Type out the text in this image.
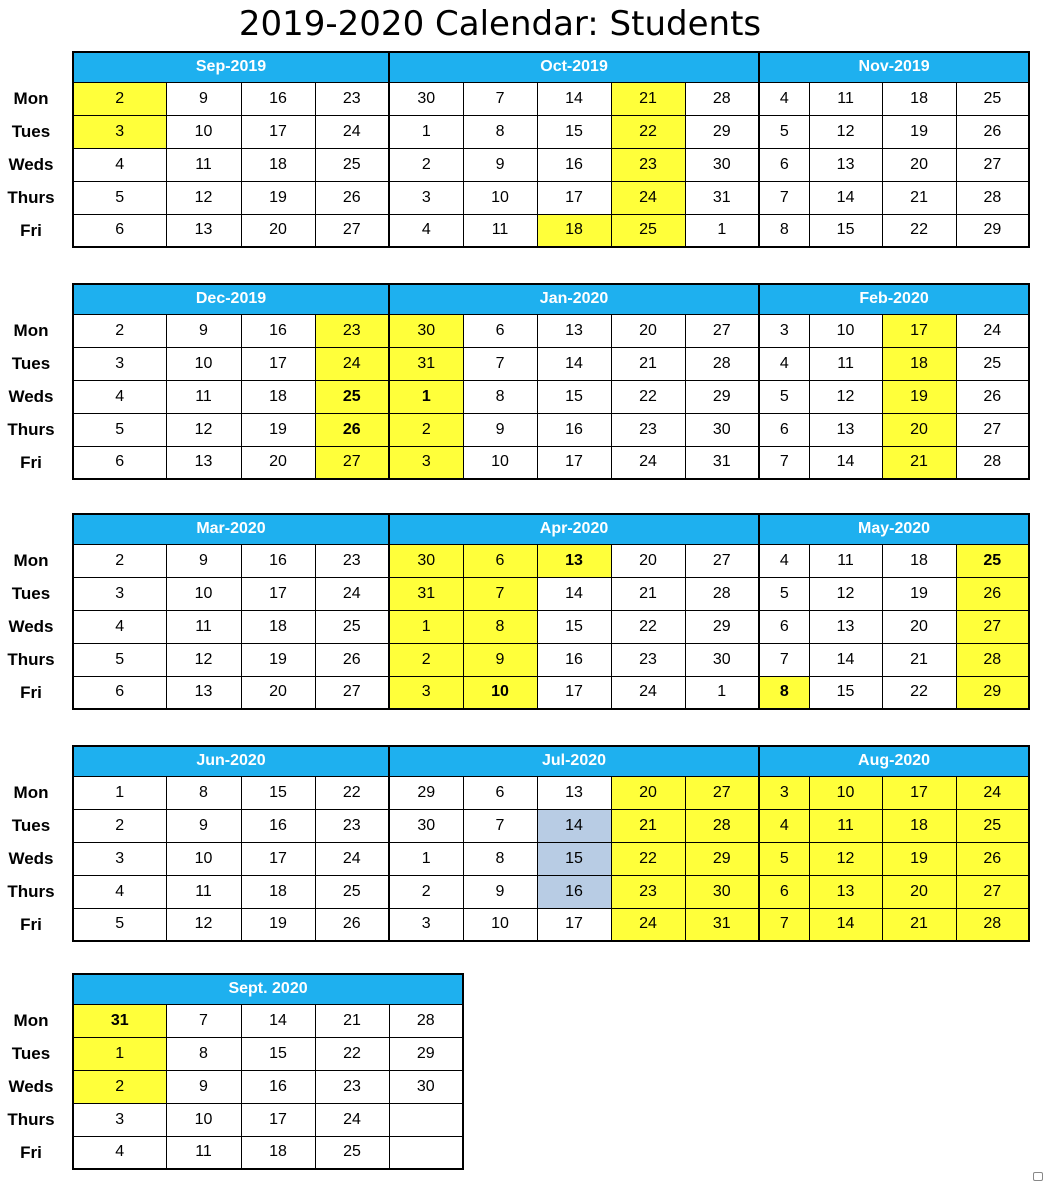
2019-2020 Calendar: Students
	Sep-2019				Oct-2019					Nov-2019			
Mon	2	9	16	23	30	7	14	21	28	4	11	18	25
Tues	3	10	17	24	1	8	15	22	29	5	12	19	26
Weds	4	11	18	25	2	9	16	23	30	6	13	20	27
Thurs	5	12	19	26	3	10	17	24	31	7	14	21	28
Fri	6	13	20	27	4	11	18	25	1	8	15	22	29
	Dec-2019				Jan-2020					Feb-2020			
Mon	2	9	16	23	30	6	13	20	27	3	10	17	24
Tues	3	10	17	24	31	7	14	21	28	4	11	18	25
Weds	4	11	18	25	1	8	15	22	29	5	12	19	26
Thurs	5	12	19	26	2	9	16	23	30	6	13	20	27
Fri	6	13	20	27	3	10	17	24	31	7	14	21	28
	Mar-2020				Apr-2020					May-2020			
Mon	2	9	16	23	30	6	13	20	27	4	11	18	25
Tues	3	10	17	24	31	7	14	21	28	5	12	19	26
Weds	4	11	18	25	1	8	15	22	29	6	13	20	27
Thurs	5	12	19	26	2	9	16	23	30	7	14	21	28
Fri	6	13	20	27	3	10	17	24	1	8	15	22	29
	Jun-2020				Jul-2020					Aug-2020			
Mon	1	8	15	22	29	6	13	20	27	3	10	17	24
Tues	2	9	16	23	30	7	14	21	28	4	11	18	25
Weds	3	10	17	24	1	8	15	22	29	5	12	19	26
Thurs	4	11	18	25	2	9	16	23	30	6	13	20	27
Fri	5	12	19	26	3	10	17	24	31	7	14	21	28
	Sept. 2020				
Mon	31	7	14	21	28
Tues	1	8	15	22	29
Weds	2	9	16	23	30
Thurs	3	10	17	24	
Fri	4	11	18	25	
